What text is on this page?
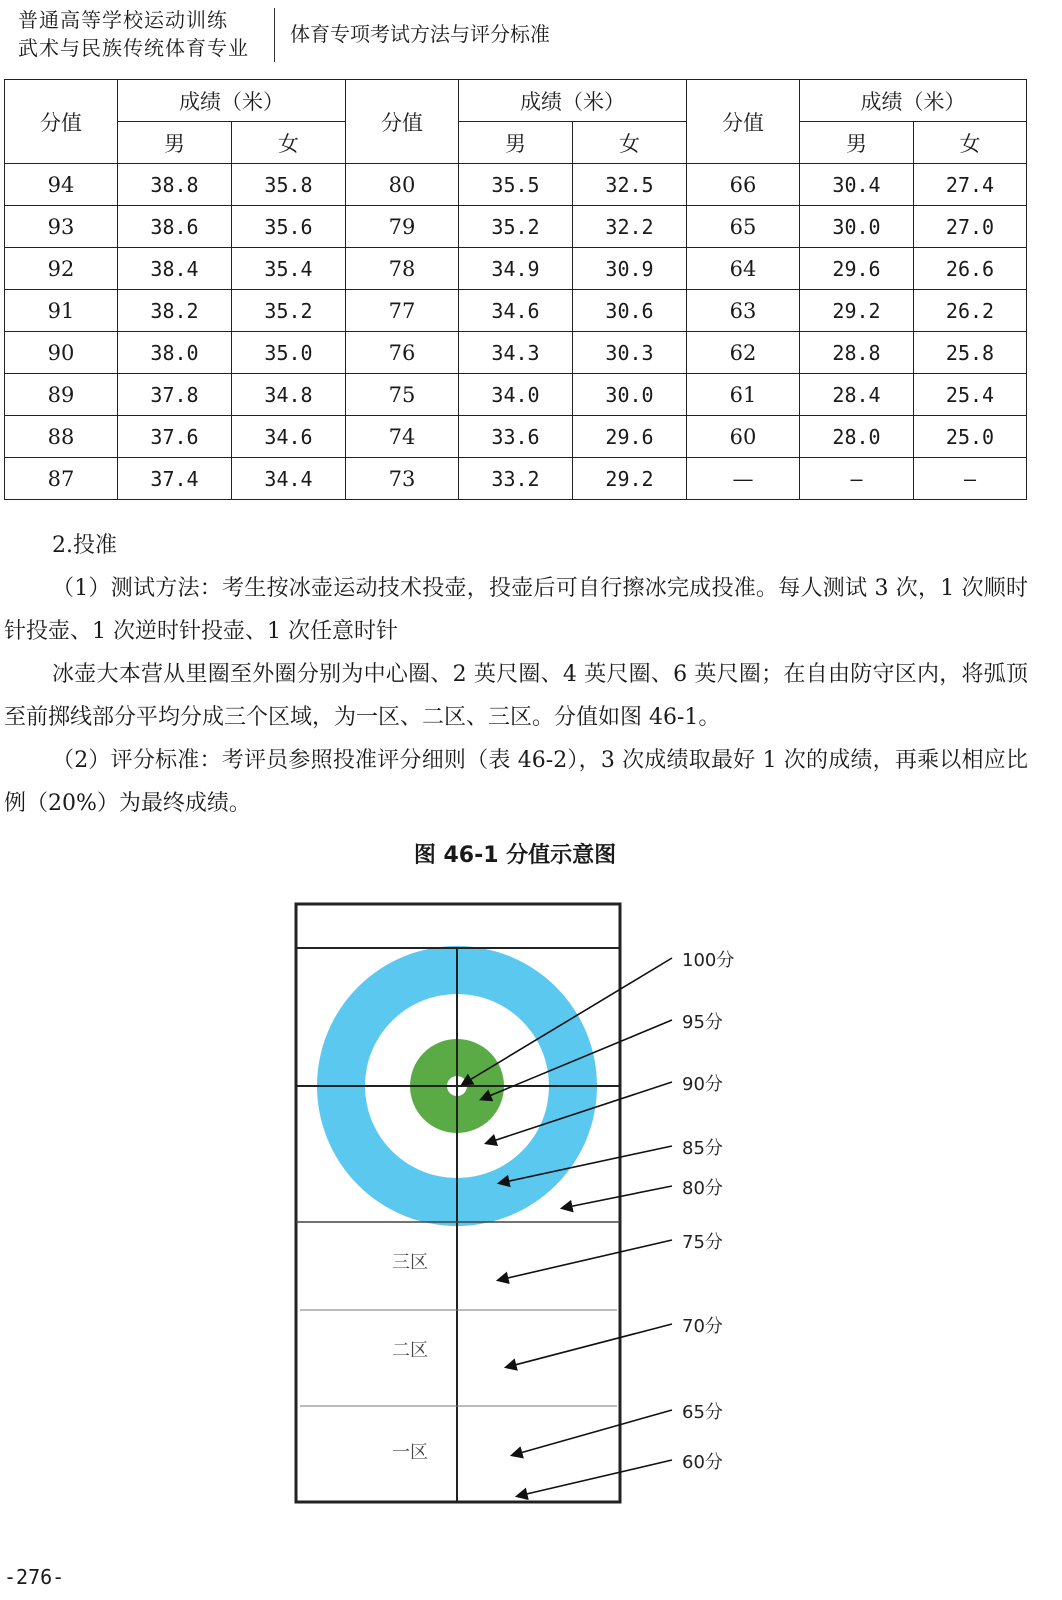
普通高等学校运动训练
武术与民族传统体育专业
体育专项考试方法与评分标准
分值	成绩（米）		分值	成绩（米）		分值	成绩（米）	
	男	女		男	女		男	女
94	38.8	35.8	80	35.5	32.5	66	30.4	27.4
93	38.6	35.6	79	35.2	32.2	65	30.0	27.0
92	38.4	35.4	78	34.9	30.9	64	29.6	26.6
91	38.2	35.2	77	34.6	30.6	63	29.2	26.2
90	38.0	35.0	76	34.3	30.3	62	28.8	25.8
89	37.8	34.8	75	34.0	30.0	61	28.4	25.4
88	37.6	34.6	74	33.6	29.6	60	28.0	25.0
87	37.4	34.4	73	33.2	29.2	—	—	—

2.投准

（1）测试方法：考生按冰壶运动技术投壶，投壶后可自行擦冰完成投准。每人测试 3 次，1 次顺时针投壶、1 次逆时针投壶、1 次任意时针

冰壶大本营从里圈至外圈分别为中心圈、2 英尺圈、4 英尺圈、6 英尺圈；在自由防守区内，将弧顶至前掷线部分平均分成三个区域，为一区、二区、三区。分值如图 46-1。

（2）评分标准：考评员参照投准评分细则（表 46-2），3 次成绩取最好 1 次的成绩，再乘以相应比例（20%）为最终成绩。

图 46-1 分值示意图
三区
二区
一区
100分
95分
90分
85分
80分
75分
70分
65分
60分
-276-
